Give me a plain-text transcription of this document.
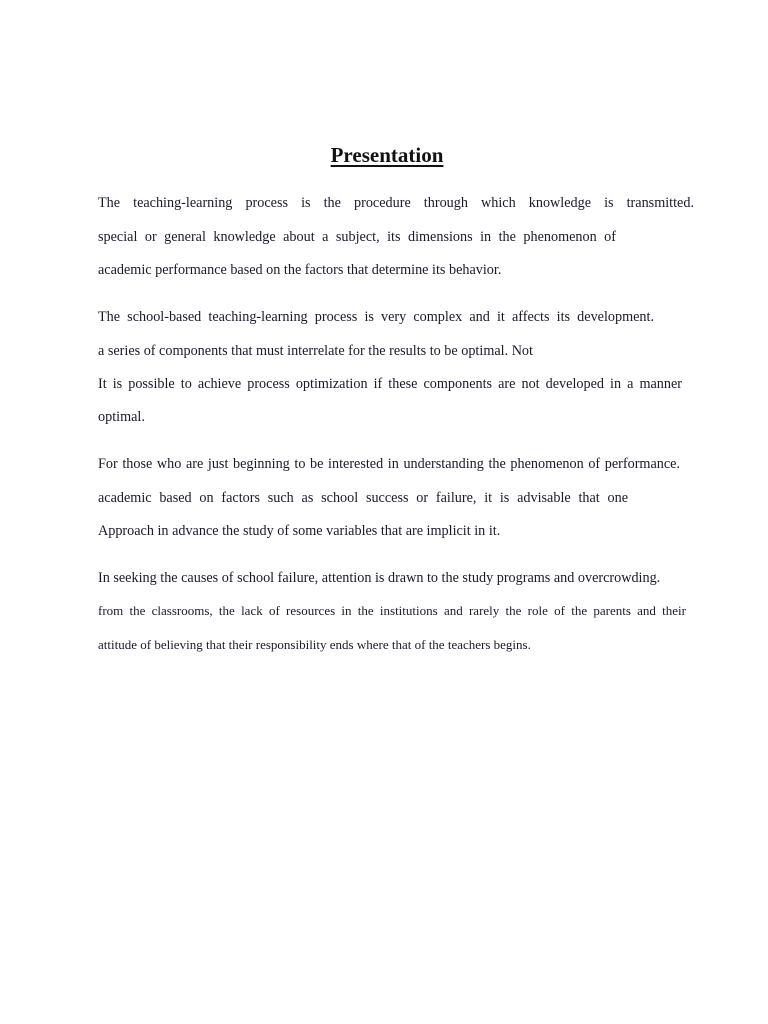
Presentation

The teaching-learning process is the procedure through which knowledge is transmitted.

special or general knowledge about a subject, its dimensions in the phenomenon of

academic performance based on the factors that determine its behavior.

The school-based teaching-learning process is very complex and it affects its development.

a series of components that must interrelate for the results to be optimal. Not

It is possible to achieve process optimization if these components are not developed in a manner

optimal.

For those who are just beginning to be interested in understanding the phenomenon of performance.

academic based on factors such as school success or failure, it is advisable that one

Approach in advance the study of some variables that are implicit in it.

In seeking the causes of school failure, attention is drawn to the study programs and overcrowding.

from the classrooms, the lack of resources in the institutions and rarely the role of the parents and their

attitude of believing that their responsibility ends where that of the teachers begins.
